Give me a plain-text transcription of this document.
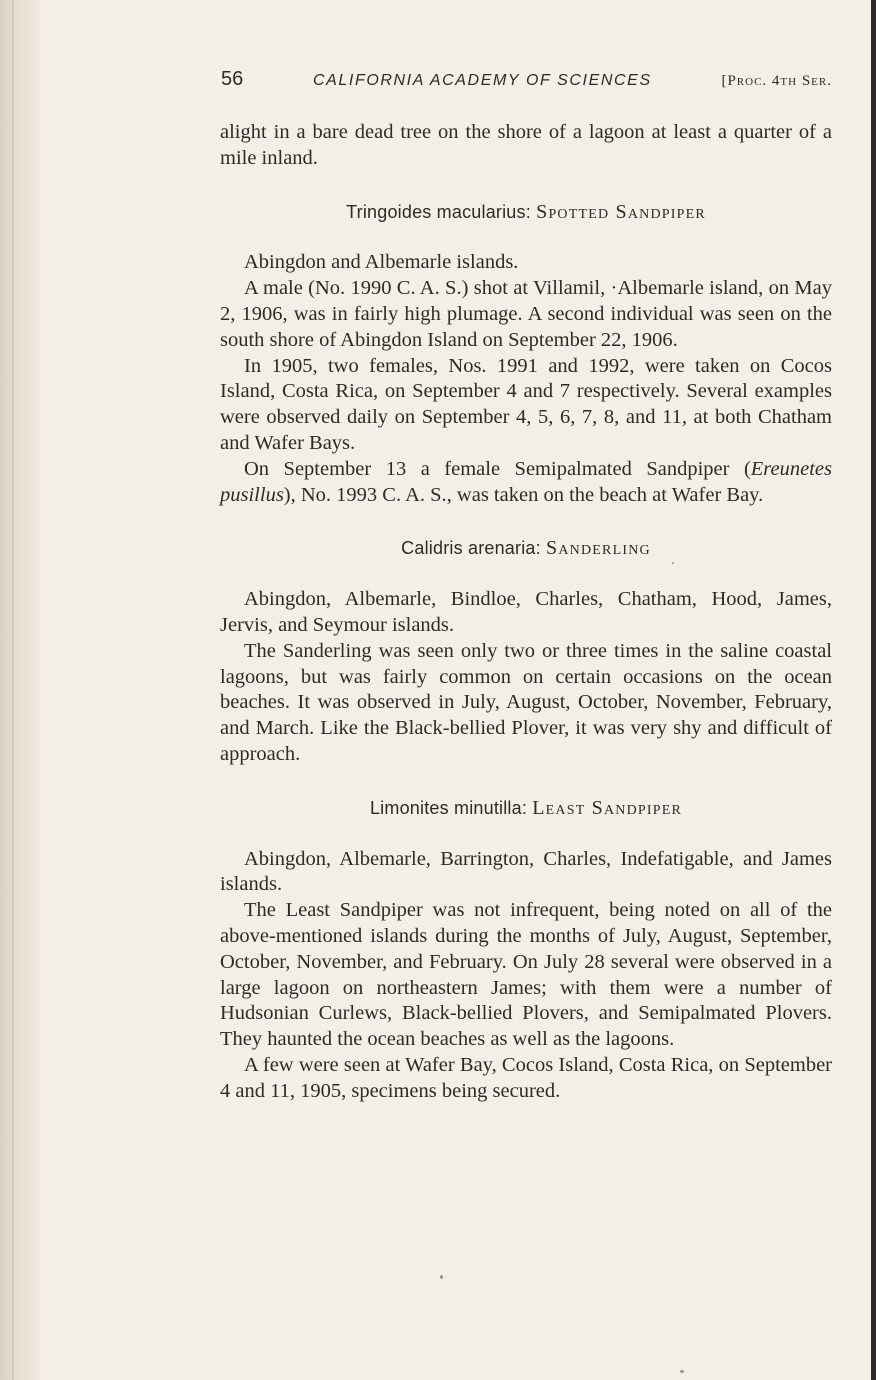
56	CALIFORNIA ACADEMY OF SCIENCES	[Proc. 4th Ser.

alight in a bare dead tree on the shore of a lagoon at least a quarter of a mile inland.

Tringoides macularius: Spotted Sandpiper

Abingdon and Albemarle islands.

A male (No. 1990 C. A. S.) shot at Villamil, ·Albemarle island, on May 2, 1906, was in fairly high plumage. A second individual was seen on the south shore of Abingdon Island on September 22, 1906.

In 1905, two females, Nos. 1991 and 1992, were taken on Cocos Island, Costa Rica, on September 4 and 7 respectively. Several examples were observed daily on September 4, 5, 6, 7, 8, and 11, at both Chatham and Wafer Bays.

On September 13 a female Semipalmated Sandpiper (Ereunetes pusillus), No. 1993 C. A. S., was taken on the beach at Wafer Bay.

Calidris arenaria: Sanderling

Abingdon, Albemarle, Bindloe, Charles, Chatham, Hood, James, Jervis, and Seymour islands.

The Sanderling was seen only two or three times in the saline coastal lagoons, but was fairly common on certain occasions on the ocean beaches. It was observed in July, August, October, November, February, and March. Like the Black-bellied Plover, it was very shy and difficult of approach.

Limonites minutilla: Least Sandpiper

Abingdon, Albemarle, Barrington, Charles, Indefatigable, and James islands.

The Least Sandpiper was not infrequent, being noted on all of the above-mentioned islands during the months of July, August, September, October, November, and February. On July 28 several were observed in a large lagoon on northeastern James; with them were a number of Hudsonian Curlews, Black-bellied Plovers, and Semipalmated Plovers. They haunted the ocean beaches as well as the lagoons.

A few were seen at Wafer Bay, Cocos Island, Costa Rica, on September 4 and 11, 1905, specimens being secured.
